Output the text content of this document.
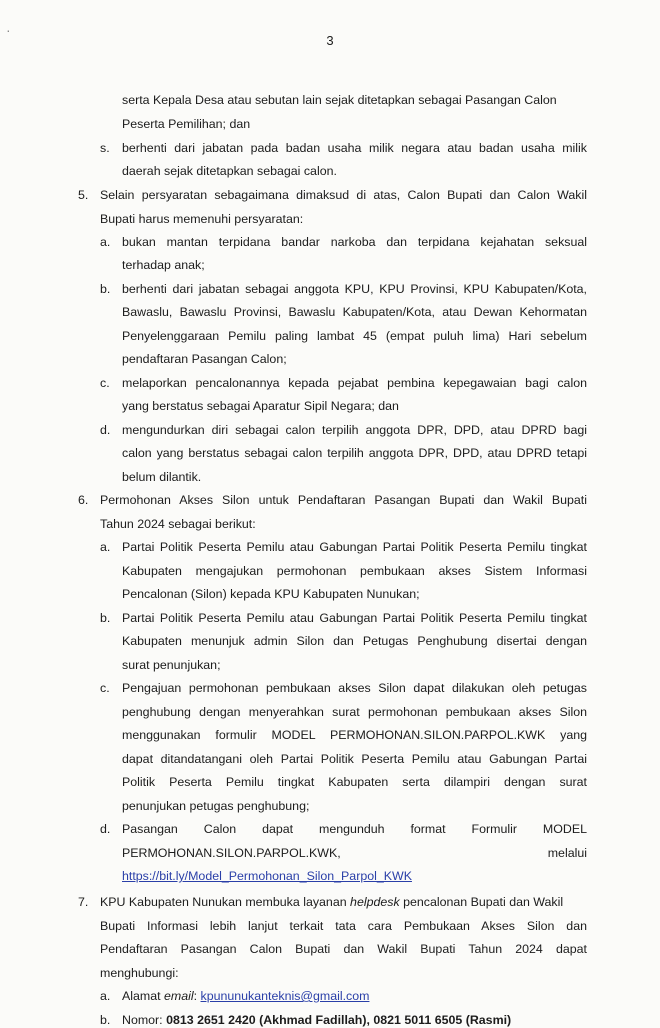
·
3
serta Kepala Desa atau sebutan lain sejak ditetapkan sebagai Pasangan Calon
Peserta Pemilihan; dan
s. berhenti dari jabatan pada badan usaha milik negara atau badan usaha milik
daerah sejak ditetapkan sebagai calon.
5. Selain persyaratan sebagaimana dimaksud di atas, Calon Bupati dan Calon Wakil
Bupati harus memenuhi persyaratan:
a. bukan mantan terpidana bandar narkoba dan terpidana kejahatan seksual
terhadap anak;
b. berhenti dari jabatan sebagai anggota KPU, KPU Provinsi, KPU Kabupaten/Kota,
Bawaslu, Bawaslu Provinsi, Bawaslu Kabupaten/Kota, atau Dewan Kehormatan
Penyelenggaraan Pemilu paling lambat 45 (empat puluh lima) Hari sebelum
pendaftaran Pasangan Calon;
c. melaporkan pencalonannya kepada pejabat pembina kepegawaian bagi calon
yang berstatus sebagai Aparatur Sipil Negara; dan
d. mengundurkan diri sebagai calon terpilih anggota DPR, DPD, atau DPRD bagi
calon yang berstatus sebagai calon terpilih anggota DPR, DPD, atau DPRD tetapi
belum dilantik.
6. Permohonan Akses Silon untuk Pendaftaran Pasangan Bupati dan Wakil Bupati
Tahun 2024 sebagai berikut:
a. Partai Politik Peserta Pemilu atau Gabungan Partai Politik Peserta Pemilu tingkat
Kabupaten mengajukan permohonan pembukaan akses Sistem Informasi
Pencalonan (Silon) kepada KPU Kabupaten Nunukan;
b. Partai Politik Peserta Pemilu atau Gabungan Partai Politik Peserta Pemilu tingkat
Kabupaten menunjuk admin Silon dan Petugas Penghubung disertai dengan
surat penunjukan;
c. Pengajuan permohonan pembukaan akses Silon dapat dilakukan oleh petugas
penghubung dengan menyerahkan surat permohonan pembukaan akses Silon
menggunakan formulir MODEL PERMOHONAN.SILON.PARPOL.KWK yang
dapat ditandatangani oleh Partai Politik Peserta Pemilu atau Gabungan Partai
Politik Peserta Pemilu tingkat Kabupaten serta dilampiri dengan surat
penunjukan petugas penghubung;
d. Pasangan Calon dapat mengunduh format Formulir MODEL
PERMOHONAN.SILON.PARPOL.KWK, melalui
https://bit.ly/Model_Permohonan_Silon_Parpol_KWK
7. KPU Kabupaten Nunukan membuka layanan helpdesk pencalonan Bupati dan Wakil
Bupati Informasi lebih lanjut terkait tata cara Pembukaan Akses Silon dan
Pendaftaran Pasangan Calon Bupati dan Wakil Bupati Tahun 2024 dapat
menghubungi:
a. Alamat email: kpununukanteknis@gmail.com
b. Nomor: 0813 2651 2420 (Akhmad Fadillah), 0821 5011 6505 (Rasmi)
